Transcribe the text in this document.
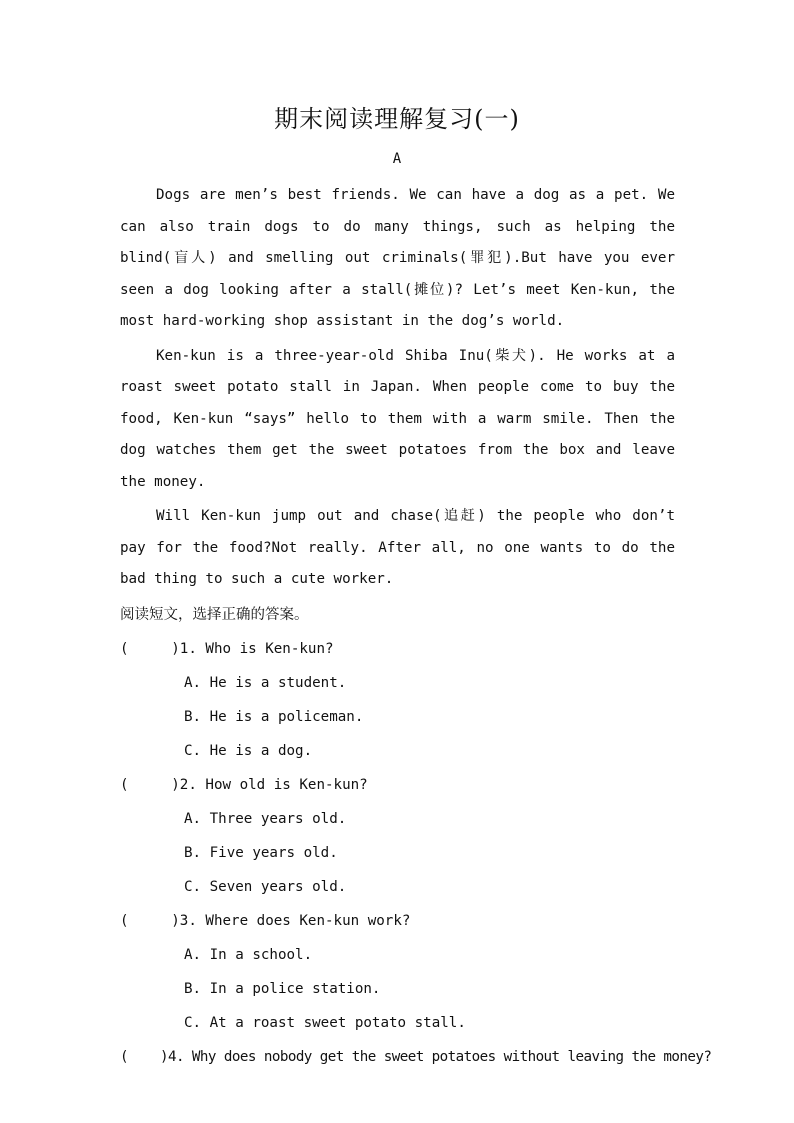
期末阅读理解复习(一)
A

Dogs are men’s best friends. We can have a dog as a pet. We can also train dogs to do many things, such as helping the blind(盲人) and smelling out criminals(罪犯).But have you ever seen a dog looking after a stall(摊位)? Let’s meet Ken-kun, the most hard-working shop assistant in the dog’s world.

Ken-kun is a three-year-old Shiba Inu(柴犬). He works at a roast sweet potato stall in Japan. When people come to buy the food, Ken-kun “says” hello to them with a warm smile. Then the dog watches them get the sweet potatoes from the box and leave the money.

Will Ken-kun jump out and chase(追赶) the people who don’t pay for the food?Not really. After all, no one wants to do the bad thing to such a cute worker.

阅读短文，选择正确的答案。

(     )1. Who is Ken-kun?

A. He is a student.
B. He is a policeman.
C. He is a dog.

(     )2. How old is Ken-kun?

A. Three years old.
B. Five years old.
C. Seven years old.

(     )3. Where does Ken-kun work?

A. In a school.
B. In a police station.
C. At a roast sweet potato stall.

(    )4. Why does nobody get the sweet potatoes without leaving the money?
